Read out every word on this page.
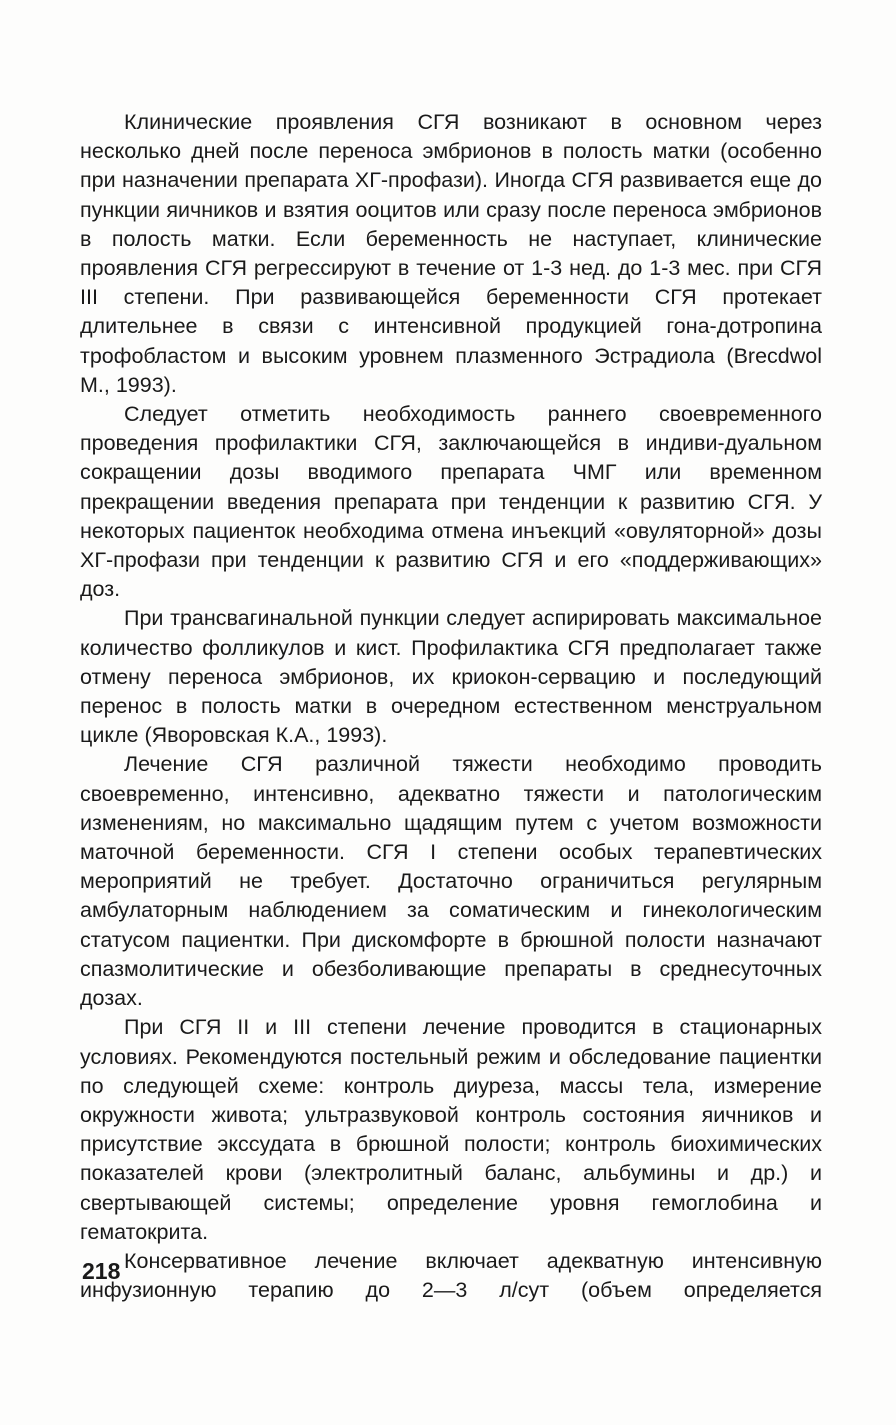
Клинические проявления СГЯ возникают в основном через несколько дней после переноса эмбрионов в полость матки (особенно при назначении препарата ХГ-профази). Иногда СГЯ развивается еще до пункции яичников и взятия ооцитов или сразу после переноса эмбрионов в полость матки. Если беременность не наступает, клинические проявления СГЯ регрессируют в течение от 1-3 нед. до 1-3 мес. при СГЯ III степени. При развивающейся беременности СГЯ протекает длительнее в связи с интенсивной продукцией гона-дотропина трофобластом и высоким уровнем плазменного Эстрадиола (Brecdwol M., 1993).

Следует отметить необходимость раннего своевременного проведения профилактики СГЯ, заключающейся в индиви-дуальном сокращении дозы вводимого препарата ЧМГ или временном прекращении введения препарата при тенденции к развитию СГЯ. У некоторых пациенток необходима отмена инъекций «овуляторной» дозы ХГ-профази при тенденции к развитию СГЯ и его «поддерживающих» доз.

При трансвагинальной пункции следует аспирировать максимальное количество фолликулов и кист. Профилактика СГЯ предполагает также отмену переноса эмбрионов, их криокон-сервацию и последующий перенос в полость матки в очередном естественном менструальном цикле (Яворовская К.А., 1993).

Лечение СГЯ различной тяжести необходимо проводить своевременно, интенсивно, адекватно тяжести и патологическим изменениям, но максимально щадящим путем с учетом возможности маточной беременности. СГЯ I степени особых терапевтических мероприятий не требует. Достаточно ограничиться регулярным амбулаторным наблюдением за соматическим и гинекологическим статусом пациентки. При дискомфорте в брюшной полости назначают спазмолитические и обезболивающие препараты в среднесуточных дозах.

При СГЯ II и III степени лечение проводится в стационарных условиях. Рекомендуются постельный режим и обследование пациентки по следующей схеме: контроль диуреза, массы тела, измерение окружности живота; ультразвуковой контроль состояния яичников и присутствие экссудата в брюшной полости; контроль биохимических показателей крови (электролитный баланс, альбумины и др.) и свертывающей системы; определение уровня гемоглобина и гематокрита.

Консервативное лечение включает адекватную интенсивную инфузионную терапию до 2—3 л/сут (объем определяется

218
